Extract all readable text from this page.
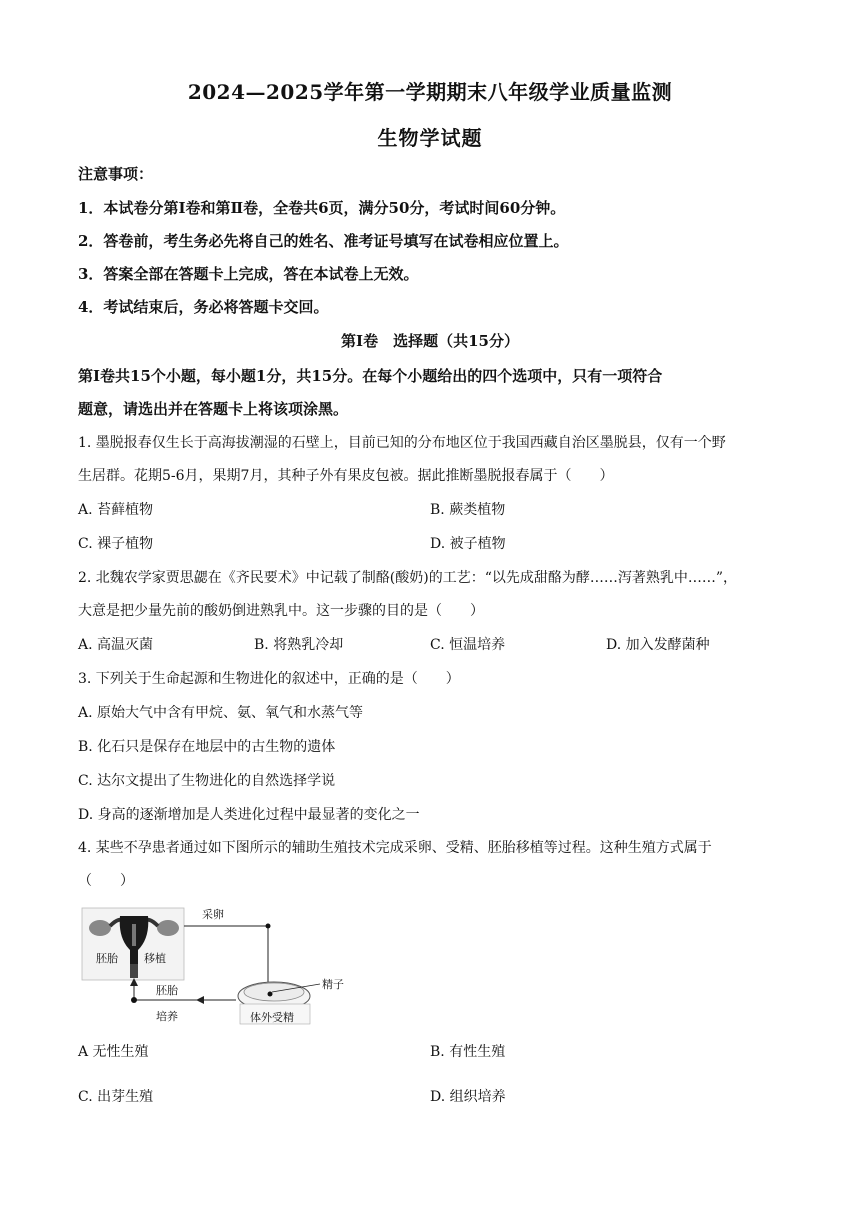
2024—2025学年第一学期期末八年级学业质量监测
生物学试题
注意事项：
1．本试卷分第Ⅰ卷和第Ⅱ卷，全卷共6页，满分50分，考试时间60分钟。
2．答卷前，考生务必先将自己的姓名、准考证号填写在试卷相应位置上。
3．答案全部在答题卡上完成，答在本试卷上无效。
4．考试结束后，务必将答题卡交回。
第Ⅰ卷　选择题（共15分）
第Ⅰ卷共15个小题，每小题1分，共15分。在每个小题给出的四个选项中，只有一项符合
题意，请选出并在答题卡上将该项涂黑。
1. 墨脱报春仅生长于高海拔潮湿的石壁上，目前已知的分布地区位于我国西藏自治区墨脱县，仅有一个野
生居群。花期5-6月，果期7月，其种子外有果皮包被。据此推断墨脱报春属于（　　）
A. 苔藓植物	B. 蕨类植物
C. 裸子植物	D. 被子植物
2. 北魏农学家贾思勰在《齐民要术》中记载了制酪(酸奶)的工艺：“以先成甜酪为酵……泻著熟乳中……”，
大意是把少量先前的酸奶倒进熟乳中。这一步骤的目的是（　　）
A. 高温灭菌	B. 将熟乳冷却	C. 恒温培养	D. 加入发酵菌种
3. 下列关于生命起源和生物进化的叙述中，正确的是（　　）
A. 原始大气中含有甲烷、氨、氧气和水蒸气等
B. 化石只是保存在地层中的古生物的遗体
C. 达尔文提出了生物进化的自然选择学说
D. 身高的逐渐增加是人类进化过程中最显著的变化之一
4. 某些不孕患者通过如下图所示的辅助生殖技术完成采卵、受精、胚胎移植等过程。这种生殖方式属于
（　　）
胚胎 移植
采卵
精子
体外受精
胚胎
培养
A 无性生殖	B. 有性生殖
C. 出芽生殖	D. 组织培养
